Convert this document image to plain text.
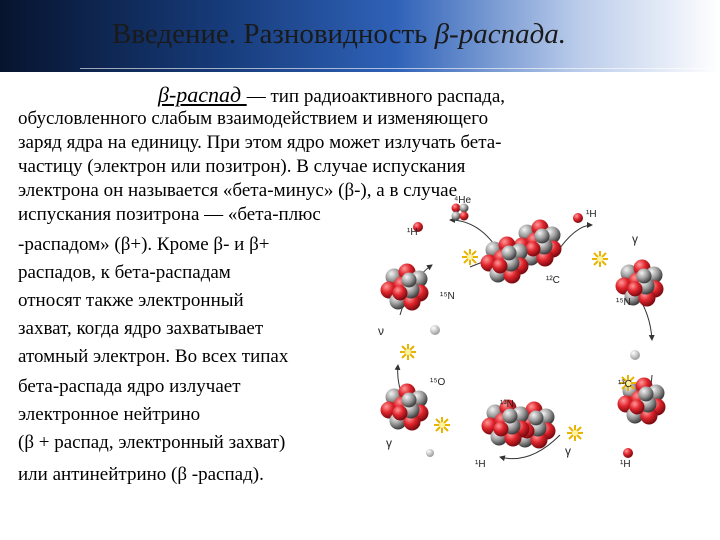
Введение. Разновидность β-распада.
β-распад — тип радиоактивного распада,
обусловленного слабым взаимодействием и изменяющего
заряд ядра на единицу. При этом ядро может излучать бета-
частицу (электрон или позитрон). В случае испускания
электрона он называется «бета-минус» (β-), а в случае
испускания позитрона — «бета-плюс
-распадом» (β+). Кроме β- и β+
распадов, к бета-распадам
относят также электронный
захват, когда ядро захватывает
атомный электрон. Во всех типах
бета-распада ядро излучает
электронное нейтрино
(β + распад, электронный захват)
или антинейтрино (β -распад).
⁴He
¹H
¹H	γ
¹²C
¹⁵N
¹⁵N
ν
¹⁵O
¹³N
¹³C
γ
¹H
γ
¹H
